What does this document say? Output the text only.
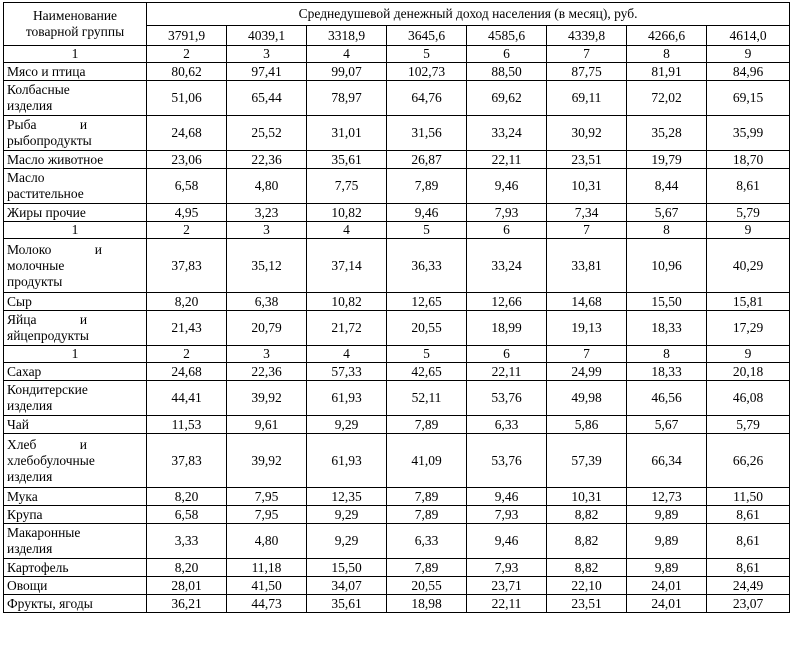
Наименование
товарной группы	Среднедушевой денежный доход населения (в месяц), руб.							
	3791,9	4039,1	3318,9	3645,6	4585,6	4339,8	4266,6	4614,0
1	2	3	4	5	6	7	8	9
Мясо и птица	80,62	97,41	99,07	102,73	88,50	87,75	81,91	84,96
Колбасные изделия	51,06	65,44	78,97	64,76	69,62	69,11	72,02	69,15
Рыба и рыбопродукты	24,68	25,52	31,01	31,56	33,24	30,92	35,28	35,99
Масло животное	23,06	22,36	35,61	26,87	22,11	23,51	19,79	18,70
Масло растительное	6,58	4,80	7,75	7,89	9,46	10,31	8,44	8,61
Жиры прочие	4,95	3,23	10,82	9,46	7,93	7,34	5,67	5,79
1	2	3	4	5	6	7	8	9
Молоко и молочные продукты	37,83	35,12	37,14	36,33	33,24	33,81	10,96	40,29
Сыр	8,20	6,38	10,82	12,65	12,66	14,68	15,50	15,81
Яйца и яйцепродукты	21,43	20,79	21,72	20,55	18,99	19,13	18,33	17,29
1	2	3	4	5	6	7	8	9
Сахар	24,68	22,36	57,33	42,65	22,11	24,99	18,33	20,18
Кондитерские изделия	44,41	39,92	61,93	52,11	53,76	49,98	46,56	46,08
Чай	11,53	9,61	9,29	7,89	6,33	5,86	5,67	5,79
Хлеб и хлебобулочные изделия	37,83	39,92	61,93	41,09	53,76	57,39	66,34	66,26
Мука	8,20	7,95	12,35	7,89	9,46	10,31	12,73	11,50
Крупа	6,58	7,95	9,29	7,89	7,93	8,82	9,89	8,61
Макаронные изделия	3,33	4,80	9,29	6,33	9,46	8,82	9,89	8,61
Картофель	8,20	11,18	15,50	7,89	7,93	8,82	9,89	8,61
Овощи	28,01	41,50	34,07	20,55	23,71	22,10	24,01	24,49
Фрукты, ягоды	36,21	44,73	35,61	18,98	22,11	23,51	24,01	23,07
